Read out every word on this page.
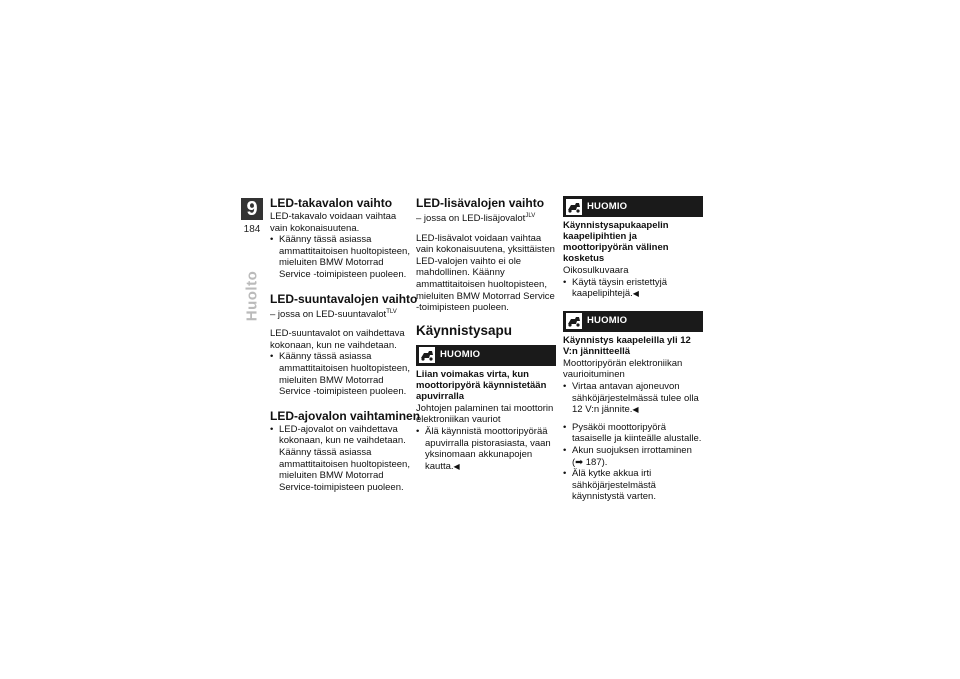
9
184
Huolto
LED-takavalon vaihto

LED-takavalo voidaan vaihtaa vain kokonaisuutena.

• Käänny tässä asiassa ammattitaitoisen huoltopisteen, mieluiten BMW Motorrad Service -toimipisteen puoleen.
LED-suuntavalojen vaihto

– jossa on LED-suuntavalot$^{TLV}$

LED-suuntavalot on vaihdettava kokonaan, kun ne vaihdetaan.

• Käänny tässä asiassa ammattitaitoisen huoltopisteen, mieluiten BMW Motorrad Service -toimipisteen puoleen.
LED-ajovalon vaihtaminen
• LED-ajovalot on vaihdettava kokonaan, kun ne vaihdetaan. Käänny tässä asiassa ammattitaitoisen huoltopisteen, mieluiten BMW Motorrad Service-toimipisteen puoleen.
LED-lisävalojen vaihto

– jossa on LED-lisäjovalot$^{JLV}$

LED-lisävalot voidaan vaihtaa vain kokonaisuutena, yksittäisten LED-valojen vaihto ei ole mahdollinen. Käänny ammattitaitoisen huoltopisteen, mieluiten BMW Motorrad Service -toimipisteen puoleen.

Käynnistysapu
HUOMIO
Liian voimakas virta, kun moottoripyörä käynnistetään apuvirralla

Johtojen palaminen tai moottorin elektroniikan vauriot

• Älä käynnistä moottoripyörää apuvirralla pistorasiasta, vaan yksinomaan akkunapojen kautta.◀
HUOMIO
Käynnistysapukaapelin kaapelipihtien ja moottoripyörän välinen kosketus

Oikosulkuvaara

• Käytä täysin eristettyjä kaapelipihtejä.◀
HUOMIO
Käynnistys kaapeleilla yli 12 V:n jännitteellä

Moottoripyörän elektroniikan vaurioituminen

• Virtaa antavan ajoneuvon sähköjärjestelmässä tulee olla 12 V:n jännite.◀
• Pysäköi moottoripyörä tasaiselle ja kiinteälle alustalle.
• Akun suojuksen irrottaminen
(➡ 187).
• Älä kytke akkua irti sähköjärjestelmästä käynnistystä varten.
